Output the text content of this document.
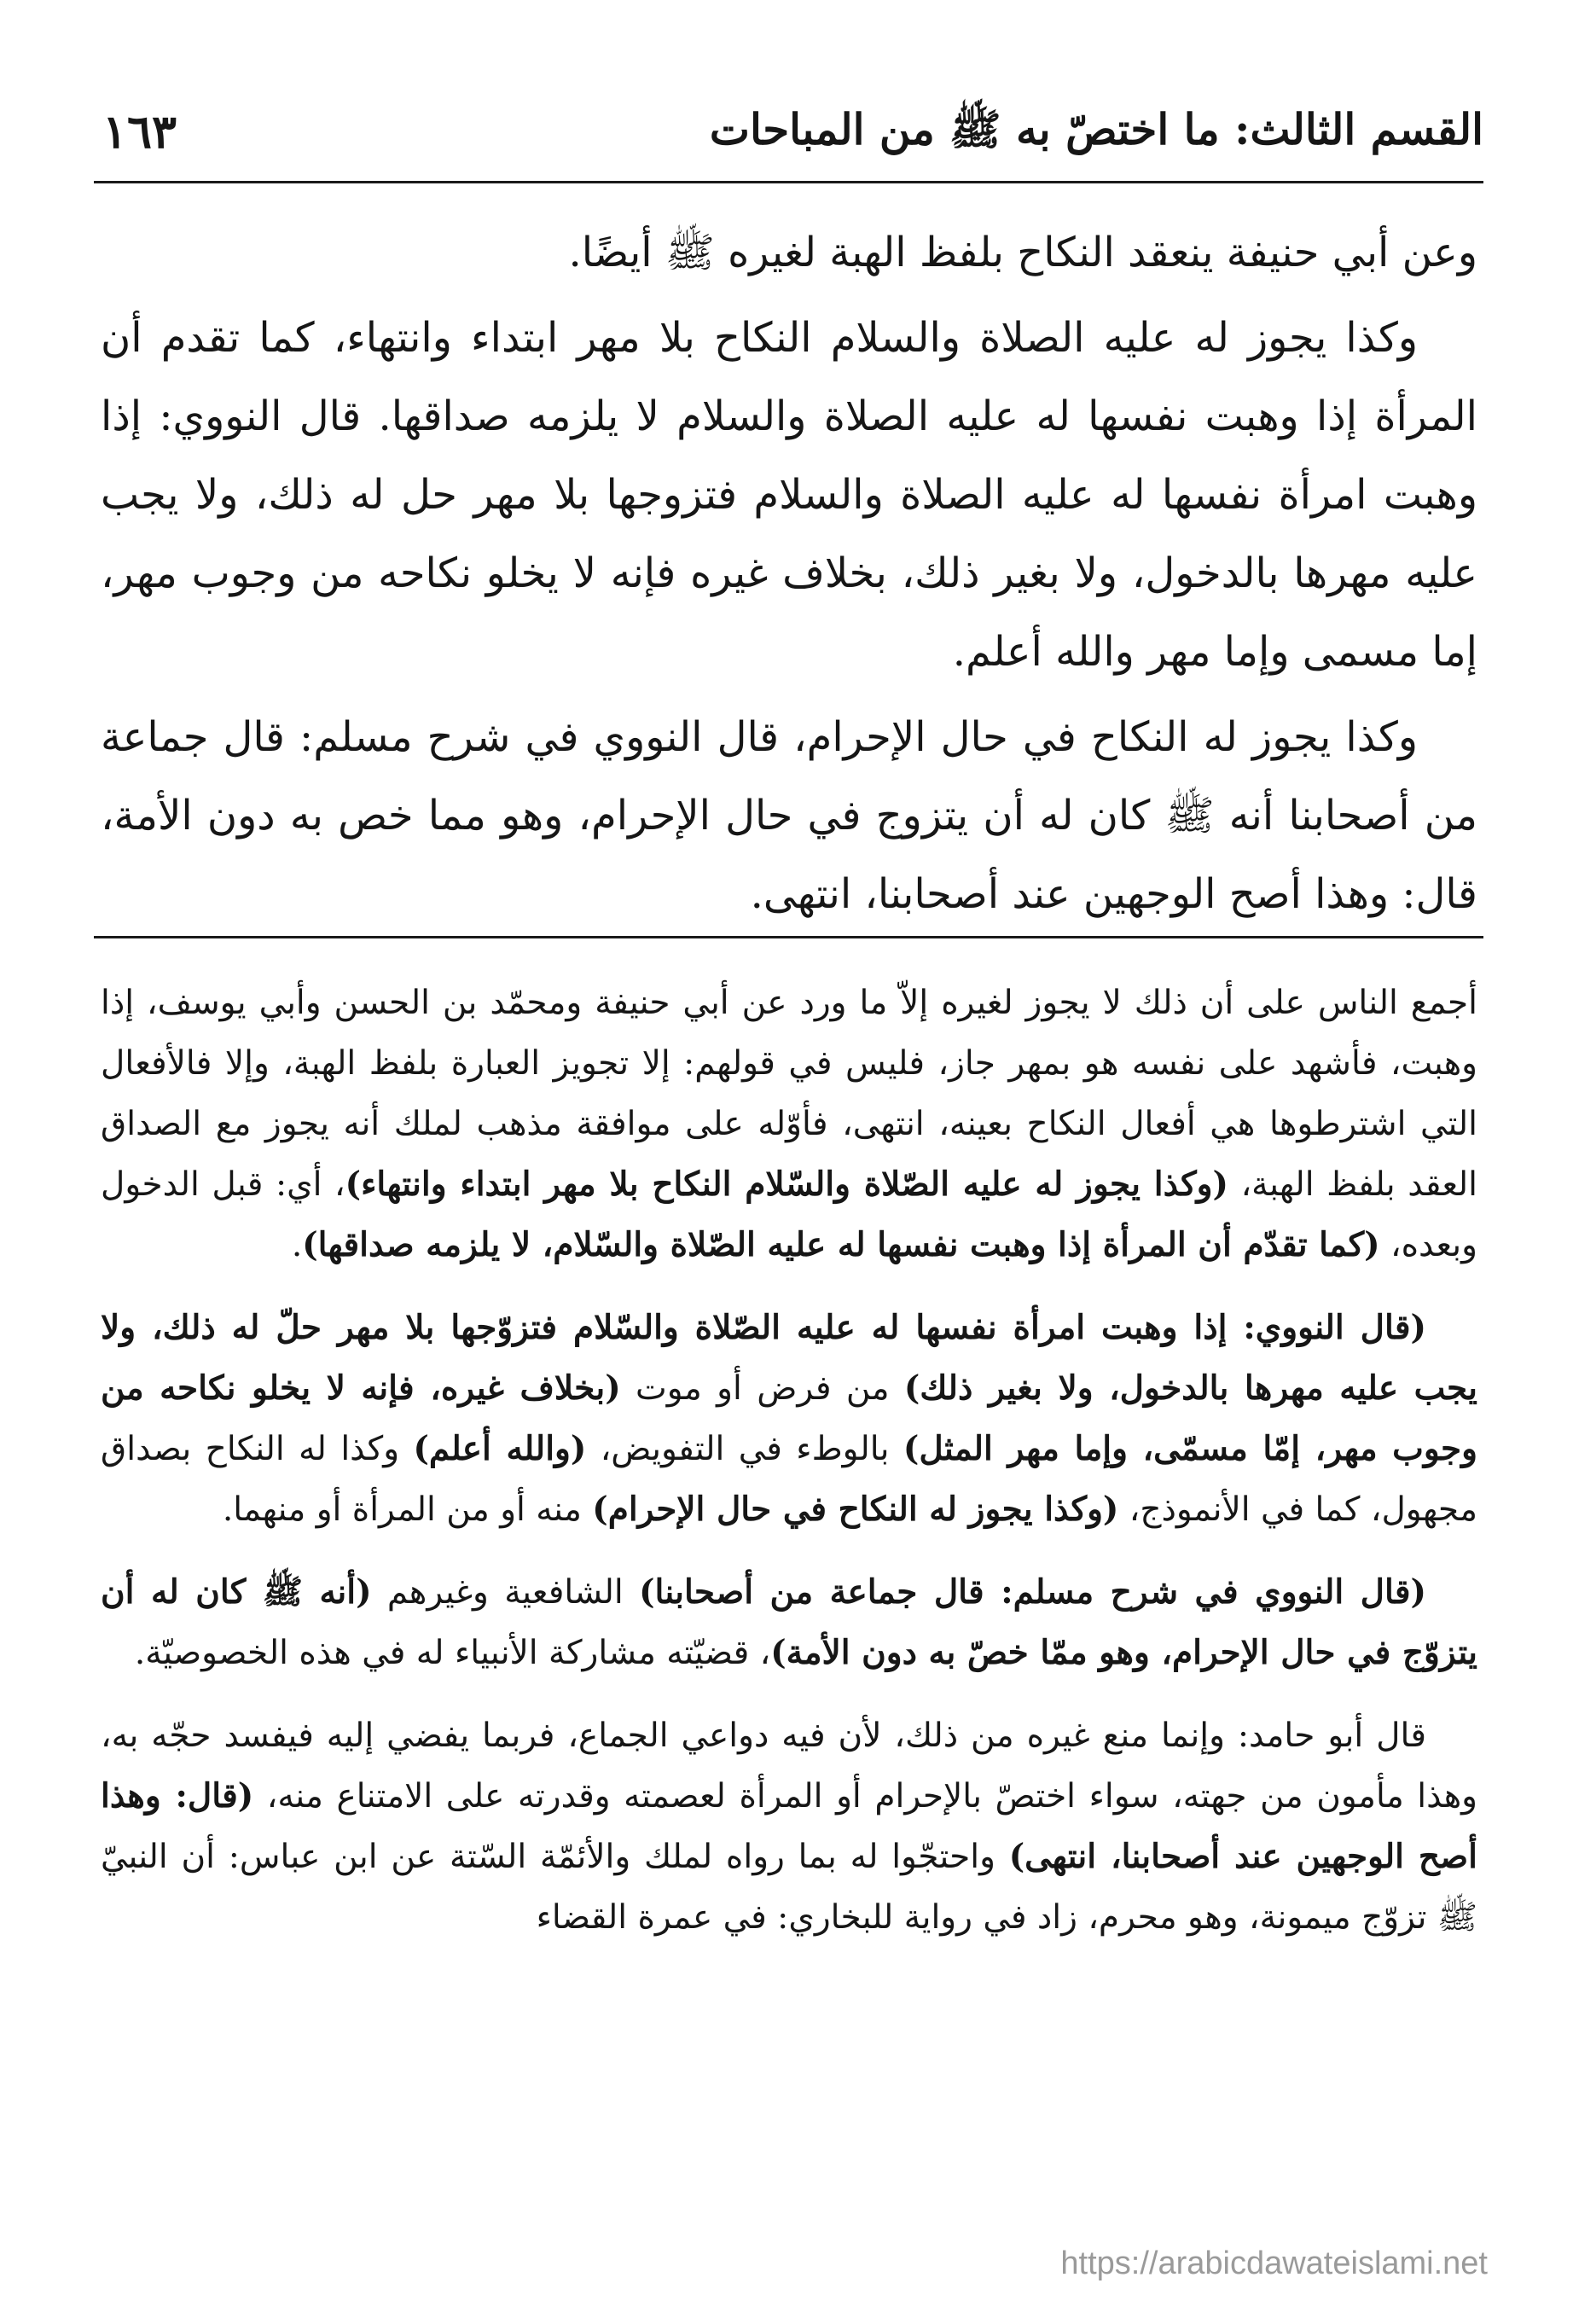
القسم الثالث: ما اختصّ به ﷺ من المباحات
١٦٣

وعن أبي حنيفة ينعقد النكاح بلفظ الهبة لغيره ﷺ أيضًا.

وكذا يجوز له عليه الصلاة والسلام النكاح بلا مهر ابتداء وانتهاء، كما تقدم أن المرأة إذا وهبت نفسها له عليه الصلاة والسلام لا يلزمه صداقها. قال النووي: إذا وهبت امرأة نفسها له عليه الصلاة والسلام فتزوجها بلا مهر حل له ذلك، ولا يجب عليه مهرها بالدخول، ولا بغير ذلك، بخلاف غيره فإنه لا يخلو نكاحه من وجوب مهر، إما مسمى وإما مهر والله أعلم.

وكذا يجوز له النكاح في حال الإحرام، قال النووي في شرح مسلم: قال جماعة من أصحابنا أنه ﷺ كان له أن يتزوج في حال الإحرام، وهو مما خص به دون الأمة، قال: وهذا أصح الوجهين عند أصحابنا، انتهى.

أجمع الناس على أن ذلك لا يجوز لغيره إلاّ ما ورد عن أبي حنيفة ومحمّد بن الحسن وأبي يوسف، إذا وهبت، فأشهد على نفسه هو بمهر جاز، فليس في قولهم: إلا تجويز العبارة بلفظ الهبة، وإلا فالأفعال التي اشترطوها هي أفعال النكاح بعينه، انتهى، فأوّله على موافقة مذهب لملك أنه يجوز مع الصداق العقد بلفظ الهبة، (وكذا يجوز له عليه الصّلاة والسّلام النكاح بلا مهر ابتداء وانتهاء)، أي: قبل الدخول وبعده، (كما تقدّم أن المرأة إذا وهبت نفسها له عليه الصّلاة والسّلام، لا يلزمه صداقها).

(قال النووي: إذا وهبت امرأة نفسها له عليه الصّلاة والسّلام فتزوّجها بلا مهر حلّ له ذلك، ولا يجب عليه مهرها بالدخول، ولا بغير ذلك) من فرض أو موت (بخلاف غيره، فإنه لا يخلو نكاحه من وجوب مهر، إمّا مسمّى، وإما مهر المثل) بالوطء في التفويض، (والله أعلم) وكذا له النكاح بصداق مجهول، كما في الأنموذج، (وكذا يجوز له النكاح في حال الإحرام) منه أو من المرأة أو منهما.

(قال النووي في شرح مسلم: قال جماعة من أصحابنا) الشافعية وغيرهم (أنه ﷺ كان له أن يتزوّج في حال الإحرام، وهو ممّا خصّ به دون الأمة)، قضيّته مشاركة الأنبياء له في هذه الخصوصيّة.

قال أبو حامد: وإنما منع غيره من ذلك، لأن فيه دواعي الجماع، فربما يفضي إليه فيفسد حجّه به، وهذا مأمون من جهته، سواء اختصّ بالإحرام أو المرأة لعصمته وقدرته على الامتناع منه، (قال: وهذا أصح الوجهين عند أصحابنا، انتهى) واحتجّوا له بما رواه لملك والأئمّة السّتة عن ابن عباس: أن النبيّ ﷺ تزوّج ميمونة، وهو محرم، زاد في رواية للبخاري: في عمرة القضاء

https://arabicdawateislami.net
